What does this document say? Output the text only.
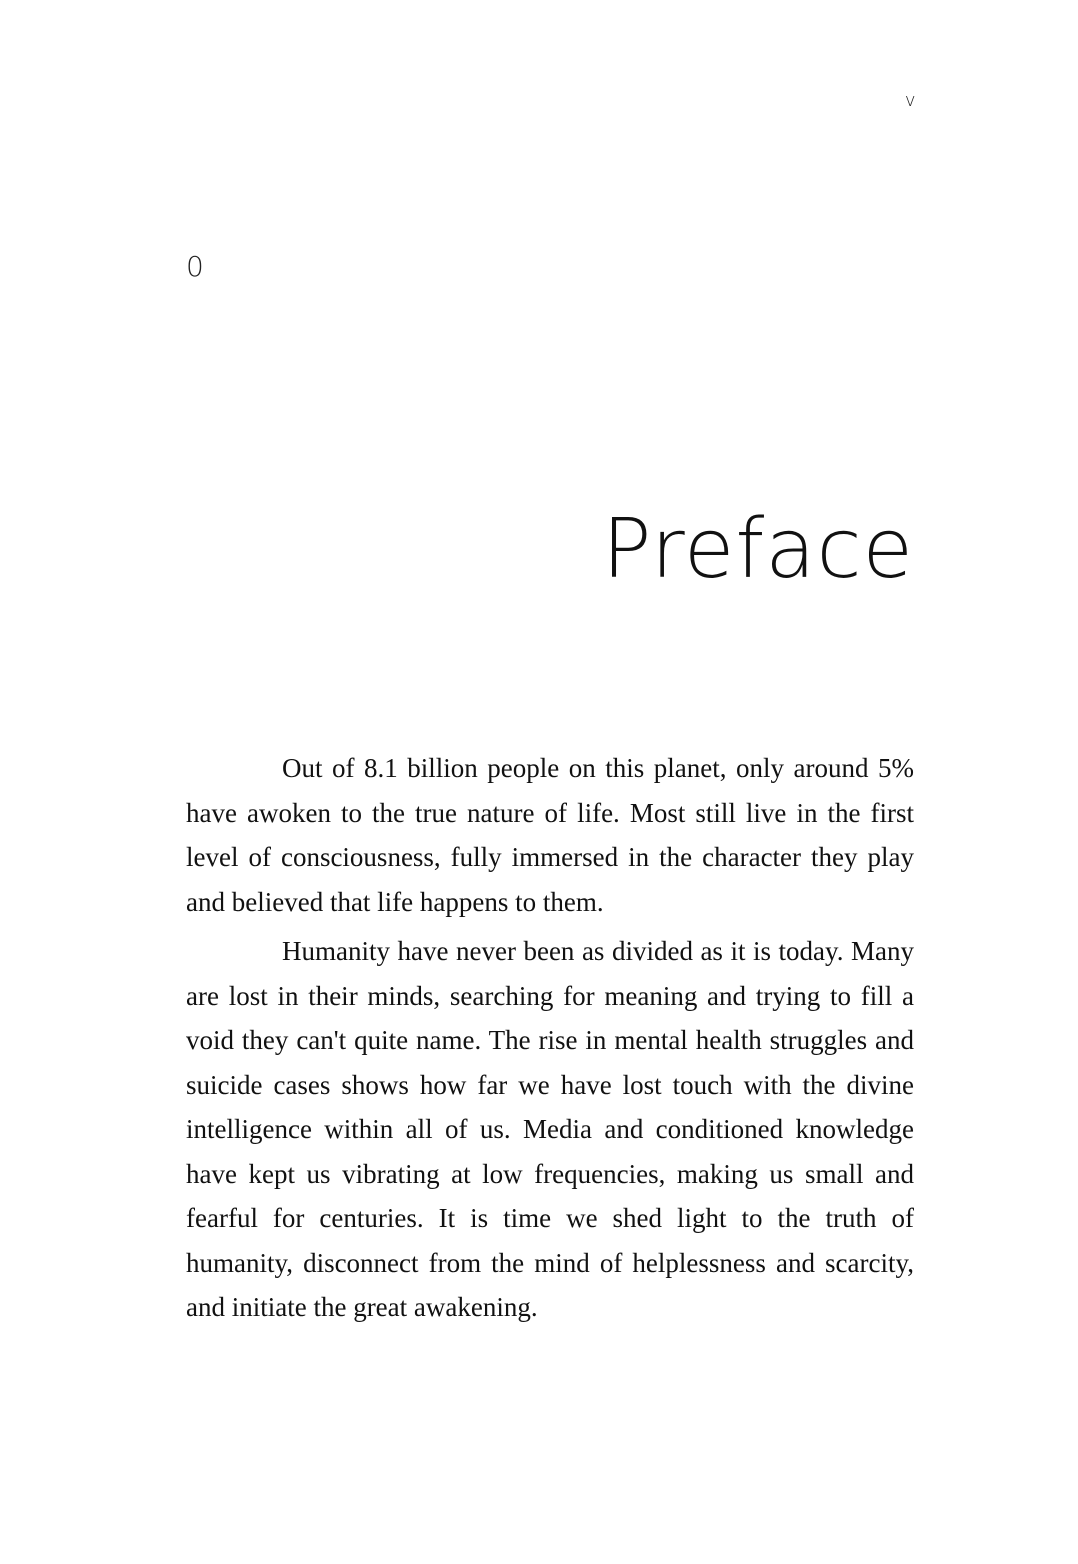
v
0
Preface

Out of 8.1 billion people on this planet, only around 5% have awoken to the true nature of life. Most still live in the first level of consciousness, fully immersed in the character they play and believed that life happens to them.

Humanity have never been as divided as it is today. Many are lost in their minds, searching for meaning and trying to fill a void they can't quite name. The rise in mental health struggles and suicide cases shows how far we have lost touch with the divine intelligence within all of us. Media and conditioned knowledge have kept us vibrating at low frequencies, making us small and fearful for centuries. It is time we shed light to the truth of humanity, disconnect from the mind of helplessness and scarcity, and initiate the great awakening.
